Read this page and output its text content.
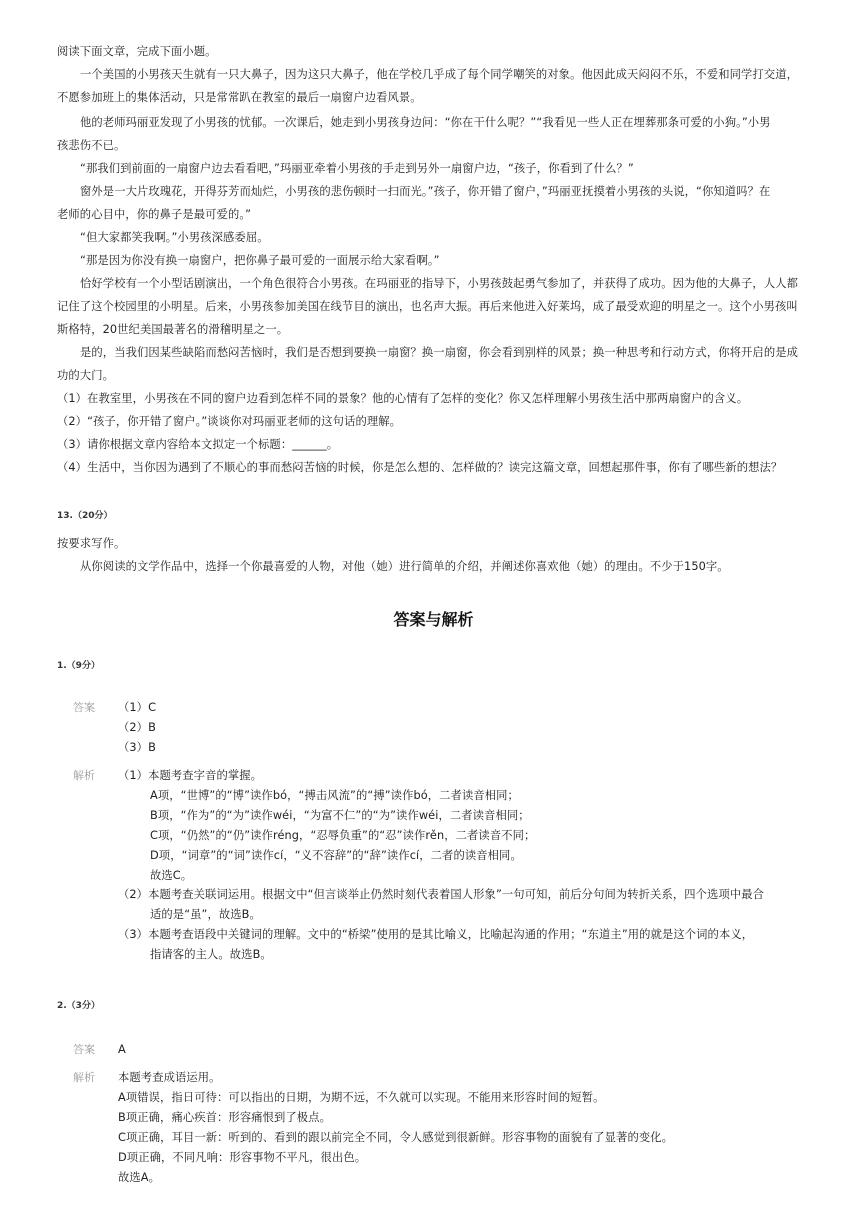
阅读下面文章，完成下面小题。
一个美国的小男孩天生就有一只大鼻子，因为这只大鼻子，他在学校几乎成了每个同学嘲笑的对象。他因此成天闷闷不乐，不爱和同学打交道，
不愿参加班上的集体活动，只是常常趴在教室的最后一扇窗户边看风景。
他的老师玛丽亚发现了小男孩的忧郁。一次课后，她走到小男孩身边问：“你在干什么呢？”“我看见一些人正在埋葬那条可爱的小狗。”小男
孩悲伤不已。
“那我们到前面的一扇窗户边去看看吧，”玛丽亚牵着小男孩的手走到另外一扇窗户边，“孩子，你看到了什么？”
窗外是一大片玫瑰花，开得芬芳而灿烂，小男孩的悲伤顿时一扫而光。”孩子，你开错了窗户，”玛丽亚抚摸着小男孩的头说，“你知道吗？在
老师的心目中，你的鼻子是最可爱的。”
“但大家都笑我啊。”小男孩深感委屈。
“那是因为你没有换一扇窗户，把你鼻子最可爱的一面展示给大家看啊。”
恰好学校有一个小型话剧演出，一个角色很符合小男孩。在玛丽亚的指导下，小男孩鼓起勇气参加了，并获得了成功。因为他的大鼻子，人人都
记住了这个校园里的小明星。后来，小男孩参加美国在线节目的演出，也名声大振。再后来他进入好莱坞，成了最受欢迎的明星之一。这个小男孩叫
斯格特，20世纪美国最著名的滑稽明星之一。
是的，当我们因某些缺陷而愁闷苦恼时，我们是否想到要换一扇窗？换一扇窗，你会看到别样的风景；换一种思考和行动方式，你将开启的是成
功的大门。
（1）在教室里，小男孩在不同的窗户边看到怎样不同的景象？他的心情有了怎样的变化？你又怎样理解小男孩生活中那两扇窗户的含义。
（2）“孩子，你开错了窗户。”谈谈你对玛丽亚老师的这句话的理解。
（3）请你根据文章内容给本文拟定一个标题：______。
（4）生活中，当你因为遇到了不顺心的事而愁闷苦恼的时候，你是怎么想的、怎样做的？读完这篇文章，回想起那件事，你有了哪些新的想法？
13.（20分）
按要求写作。
从你阅读的文学作品中，选择一个你最喜爱的人物，对他（她）进行简单的介绍，并阐述你喜欢他（她）的理由。不少于150字。
答案与解析
1.（9分）
答案 （1）C
（2）B
（3）B
解析 （1）本题考查字音的掌握。
A项，“世博”的“博”读作bó，“搏击风流”的“搏”读作bó，二者读音相同；
B项，“作为”的“为”读作wéi，“为富不仁”的“为”读作wéi，二者读音相同；
C项，“仍然”的“仍”读作réng，“忍辱负重”的“忍”读作rěn，二者读音不同；
D项，“词章”的“词”读作cí，“义不容辞”的“辞”读作cí，二者的读音相同。
故选C。
（2）本题考查关联词运用。根据文中“但言谈举止仍然时刻代表着国人形象”一句可知，前后分句间为转折关系，四个选项中最合
适的是“虽”，故选B。
（3）本题考查语段中关键词的理解。文中的“桥梁”使用的是其比喻义，比喻起沟通的作用；“东道主”用的就是这个词的本义，
指请客的主人。故选B。
2.（3分）
答案 A
解析 本题考查成语运用。
A项错误，指日可待：可以指出的日期，为期不远，不久就可以实现。不能用来形容时间的短暂。
B项正确，痛心疾首：形容痛恨到了极点。
C项正确，耳目一新：听到的、看到的跟以前完全不同，令人感觉到很新鲜。形容事物的面貌有了显著的变化。
D项正确，不同凡响：形容事物不平凡，很出色。
故选A。
